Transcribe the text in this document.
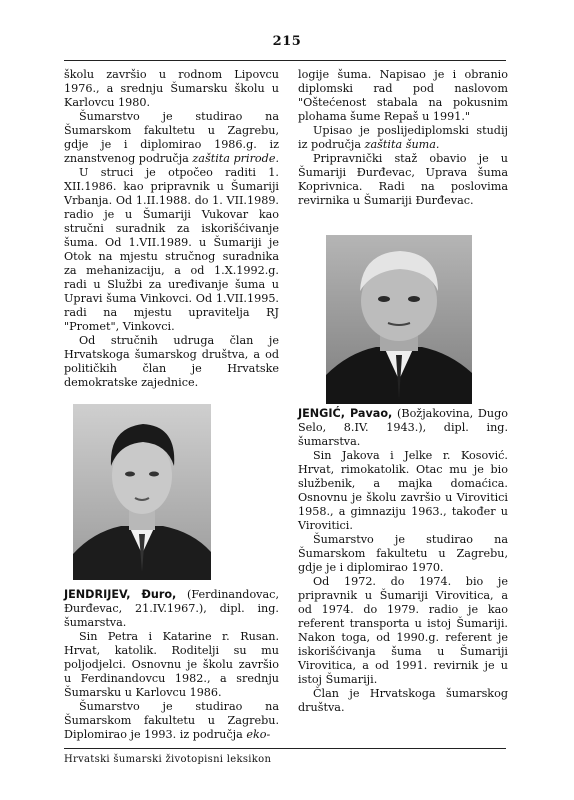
215

školu završio u rodnom Lipovcu 1976., a srednju Šumarsku školu u Karlovcu 1980.

Šumarstvo je studirao na Šumarskom fakultetu u Zagrebu, gdje je i diplomirao 1986.g. iz znanstvenog područja zaštita prirode.

U struci je otpočeo raditi 1. XII.1986. kao pripravnik u Šumariji Vrbanja. Od 1.II.1988. do 1. VII.1989. radio je u Šumariji Vukovar kao stručni suradnik za iskorišćivanje šuma. Od 1.VII.1989. u Šumariji je Otok na mjestu stručnog suradnika za mehanizaciju, a od 1.X.1992.g. radi u Službi za uređivanje šuma u Upravi šuma Vinkovci. Od 1.VII.1995. radi na mjestu upravitelja RJ "Promet", Vinkovci.

Od stručnih udruga član je Hrvatskoga šumarskog društva, a od političkih član je Hrvatske demokratske zajednice.

logije šuma. Napisao je i obranio diplomski rad pod naslovom "Oštećenost stabala na pokusnim plohama šume Repaš u 1991."

Upisao je poslijediplomski studij iz područja zaštita šuma.

Pripravnički staž obavio je u Šumariji Đurđevac, Uprava šuma Koprivnica. Radi na poslovima revirnika u Šumariji Đurđevac.

JENDRIJEV, Đuro, (Ferdinandovac, Đurđevac, 21.IV.1967.), dipl. ing. šumarstva.

Sin Petra i Katarine r. Rusan. Hrvat, katolik. Roditelji su mu poljodjelci. Osnovnu je školu završio u Ferdinandovcu 1982., a srednju Šumarsku u Karlovcu 1986.

Šumarstvo je studirao na Šumarskom fakultetu u Zagrebu. Diplomirao je 1993. iz područja eko-

JENGIĆ, Pavao, (Božjakovina, Dugo Selo, 8.IV. 1943.), dipl. ing. šumarstva.

Sin Jakova i Jelke r. Kosović. Hrvat, rimokatolik. Otac mu je bio službenik, a majka domaćica. Osnovnu je školu završio u Virovitici 1958., a gimnaziju 1963., također u Virovitici.

Šumarstvo je studirao na Šumarskom fakultetu u Zagrebu, gdje je i diplomirao 1970.

Od 1972. do 1974. bio je pripravnik u Šumariji Virovitica, a od 1974. do 1979. radio je kao referent transporta u istoj Šumariji. Nakon toga, od 1990.g. referent je iskorišćivanja šuma u Šumariji Virovitica, a od 1991. revirnik je u istoj Šumariji.

Član je Hrvatskoga šumarskog društva.

Hrvatski šumarski životopisni leksikon
